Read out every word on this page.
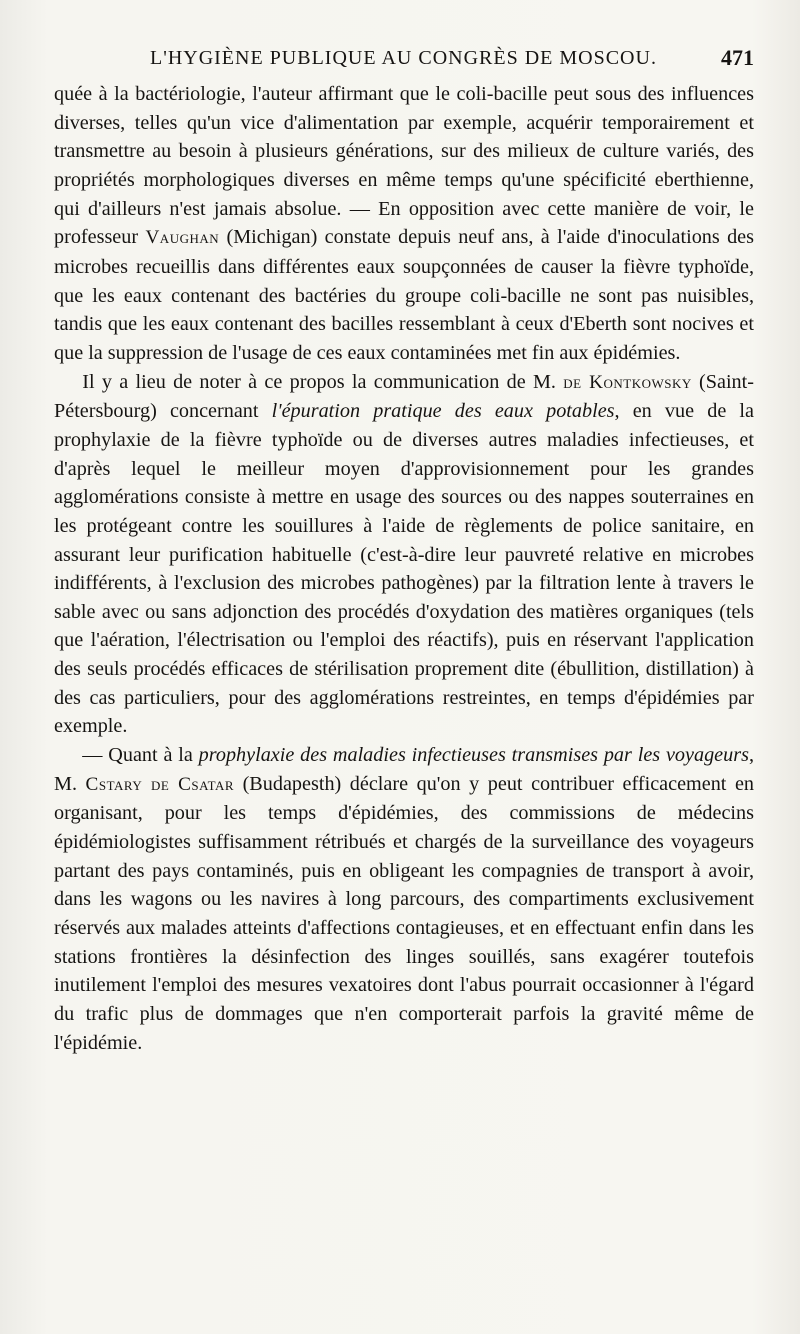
L'HYGIÈNE PUBLIQUE AU CONGRÈS DE MOSCOU.	471

quée à la bactériologie, l'auteur affirmant que le coli-bacille peut sous des influences diverses, telles qu'un vice d'alimentation par exemple, acquérir temporairement et transmettre au besoin à plusieurs générations, sur des milieux de culture variés, des propriétés morphologiques diverses en même temps qu'une spécificité eberthienne, qui d'ailleurs n'est jamais absolue. — En opposition avec cette manière de voir, le professeur Vaughan (Michigan) constate depuis neuf ans, à l'aide d'inoculations des microbes recueillis dans différentes eaux soupçonnées de causer la fièvre typhoïde, que les eaux contenant des bactéries du groupe coli-bacille ne sont pas nuisibles, tandis que les eaux contenant des bacilles ressemblant à ceux d'Eberth sont nocives et que la suppression de l'usage de ces eaux contaminées met fin aux épidémies.

Il y a lieu de noter à ce propos la communication de M. de Kontkowsky (Saint-Pétersbourg) concernant l'épuration pratique des eaux potables, en vue de la prophylaxie de la fièvre typhoïde ou de diverses autres maladies infectieuses, et d'après lequel le meilleur moyen d'approvisionnement pour les grandes agglomérations consiste à mettre en usage des sources ou des nappes souterraines en les protégeant contre les souillures à l'aide de règlements de police sanitaire, en assurant leur purification habituelle (c'est-à-dire leur pauvreté relative en microbes indifférents, à l'exclusion des microbes pathogènes) par la filtration lente à travers le sable avec ou sans adjonction des procédés d'oxydation des matières organiques (tels que l'aération, l'électrisation ou l'emploi des réactifs), puis en réservant l'application des seuls procédés efficaces de stérilisation proprement dite (ébullition, distillation) à des cas particuliers, pour des agglomérations restreintes, en temps d'épidémies par exemple.

— Quant à la prophylaxie des maladies infectieuses transmises par les voyageurs, M. Cstary de Csatar (Budapesth) déclare qu'on y peut contribuer efficacement en organisant, pour les temps d'épidémies, des commissions de médecins épidémiologistes suffisamment rétribués et chargés de la surveillance des voyageurs partant des pays contaminés, puis en obligeant les compagnies de transport à avoir, dans les wagons ou les navires à long parcours, des compartiments exclusivement réservés aux malades atteints d'affections contagieuses, et en effectuant enfin dans les stations frontières la désinfection des linges souillés, sans exagérer toutefois inutilement l'emploi des mesures vexatoires dont l'abus pourrait occasionner à l'égard du trafic plus de dommages que n'en comporterait parfois la gravité même de l'épidémie.
